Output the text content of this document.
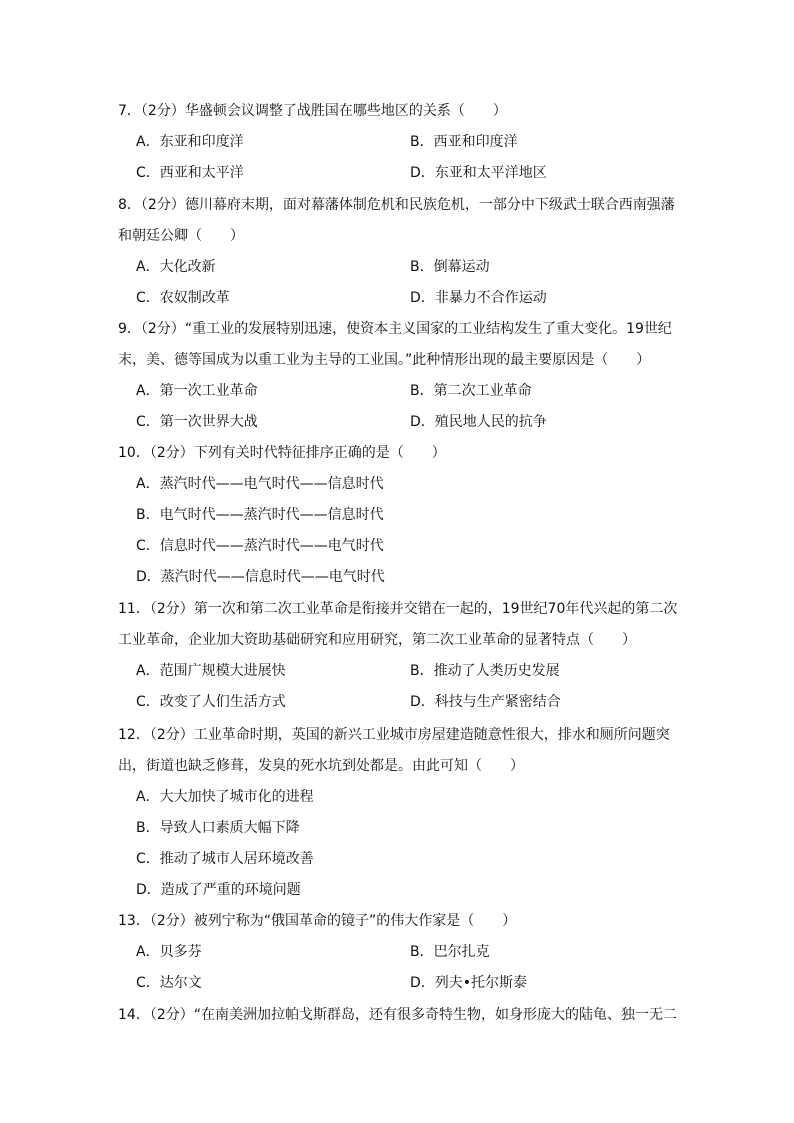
7．（2分）华盛顿会议调整了战胜国在哪些地区的关系（　　）
A．东亚和印度洋	B．西亚和印度洋
C．西亚和太平洋	D．东亚和太平洋地区
8．（2分）德川幕府末期，面对幕藩体制危机和民族危机，一部分中下级武士联合西南强藩
和朝廷公卿（　　）
A．大化改新	B．倒幕运动
C．农奴制改革	D．非暴力不合作运动
9．（2分）“重工业的发展特别迅速，使资本主义国家的工业结构发生了重大变化。19世纪
末，美、德等国成为以重工业为主导的工业国。”此种情形出现的最主要原因是（　　）
A．第一次工业革命	B．第二次工业革命
C．第一次世界大战	D．殖民地人民的抗争
10．（2分）下列有关时代特征排序正确的是（　　）
A．蒸汽时代——电气时代——信息时代
B．电气时代——蒸汽时代——信息时代
C．信息时代——蒸汽时代——电气时代
D．蒸汽时代——信息时代——电气时代
11．（2分）第一次和第二次工业革命是衔接并交错在一起的，19世纪70年代兴起的第二次
工业革命，企业加大资助基础研究和应用研究，第二次工业革命的显著特点（　　）
A．范围广规模大进展快	B．推动了人类历史发展
C．改变了人们生活方式	D．科技与生产紧密结合
12．（2分）工业革命时期，英国的新兴工业城市房屋建造随意性很大，排水和厕所问题突
出，街道也缺乏修葺，发臭的死水坑到处都是。由此可知（　　）
A．大大加快了城市化的进程
B．导致人口素质大幅下降
C．推动了城市人居环境改善
D．造成了严重的环境问题
13．（2分）被列宁称为“俄国革命的镜子”的伟大作家是（　　）
A．贝多芬	B．巴尔扎克
C．达尔文	D．列夫•托尔斯泰
14．（2分）“在南美洲加拉帕戈斯群岛，还有很多奇特生物，如身形庞大的陆龟、独一无二
